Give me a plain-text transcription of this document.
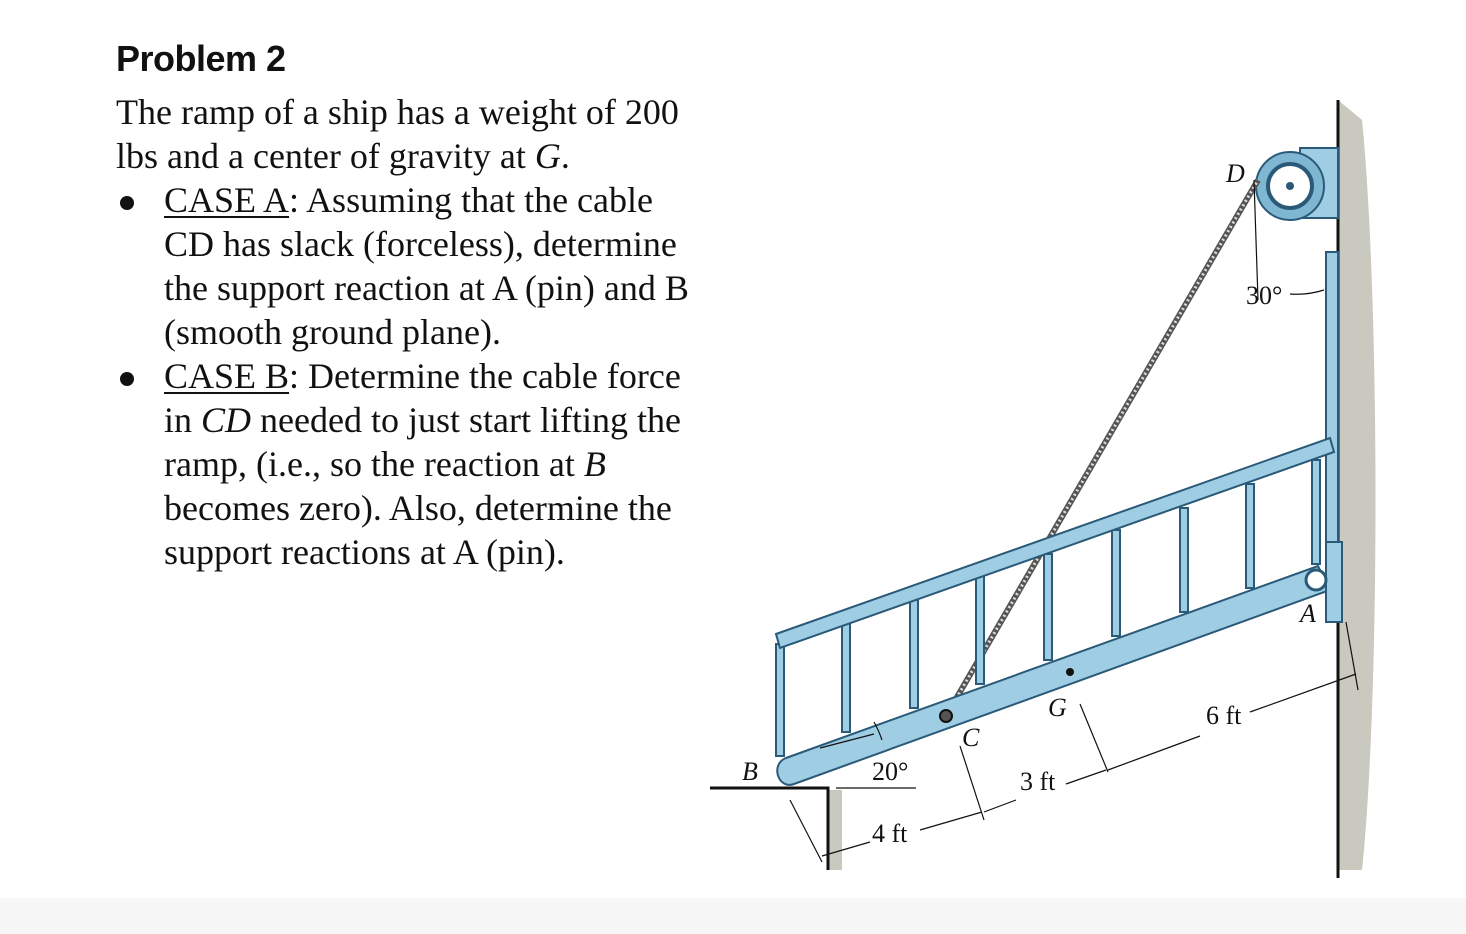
Problem 2

The ramp of a ship has a weight of 200 lbs and a center of gravity at G.

CASE A: Assuming that the cable CD has slack (forceless), determine the support reaction at A (pin) and B (smooth ground plane).
CASE B: Determine the cable force in CD needed to just start lifting the ramp, (i.e., so the reaction at B becomes zero). Also, determine the support reactions at A (pin).
D
A
B
C
G
30°
20°
4 ft
3 ft
6 ft
